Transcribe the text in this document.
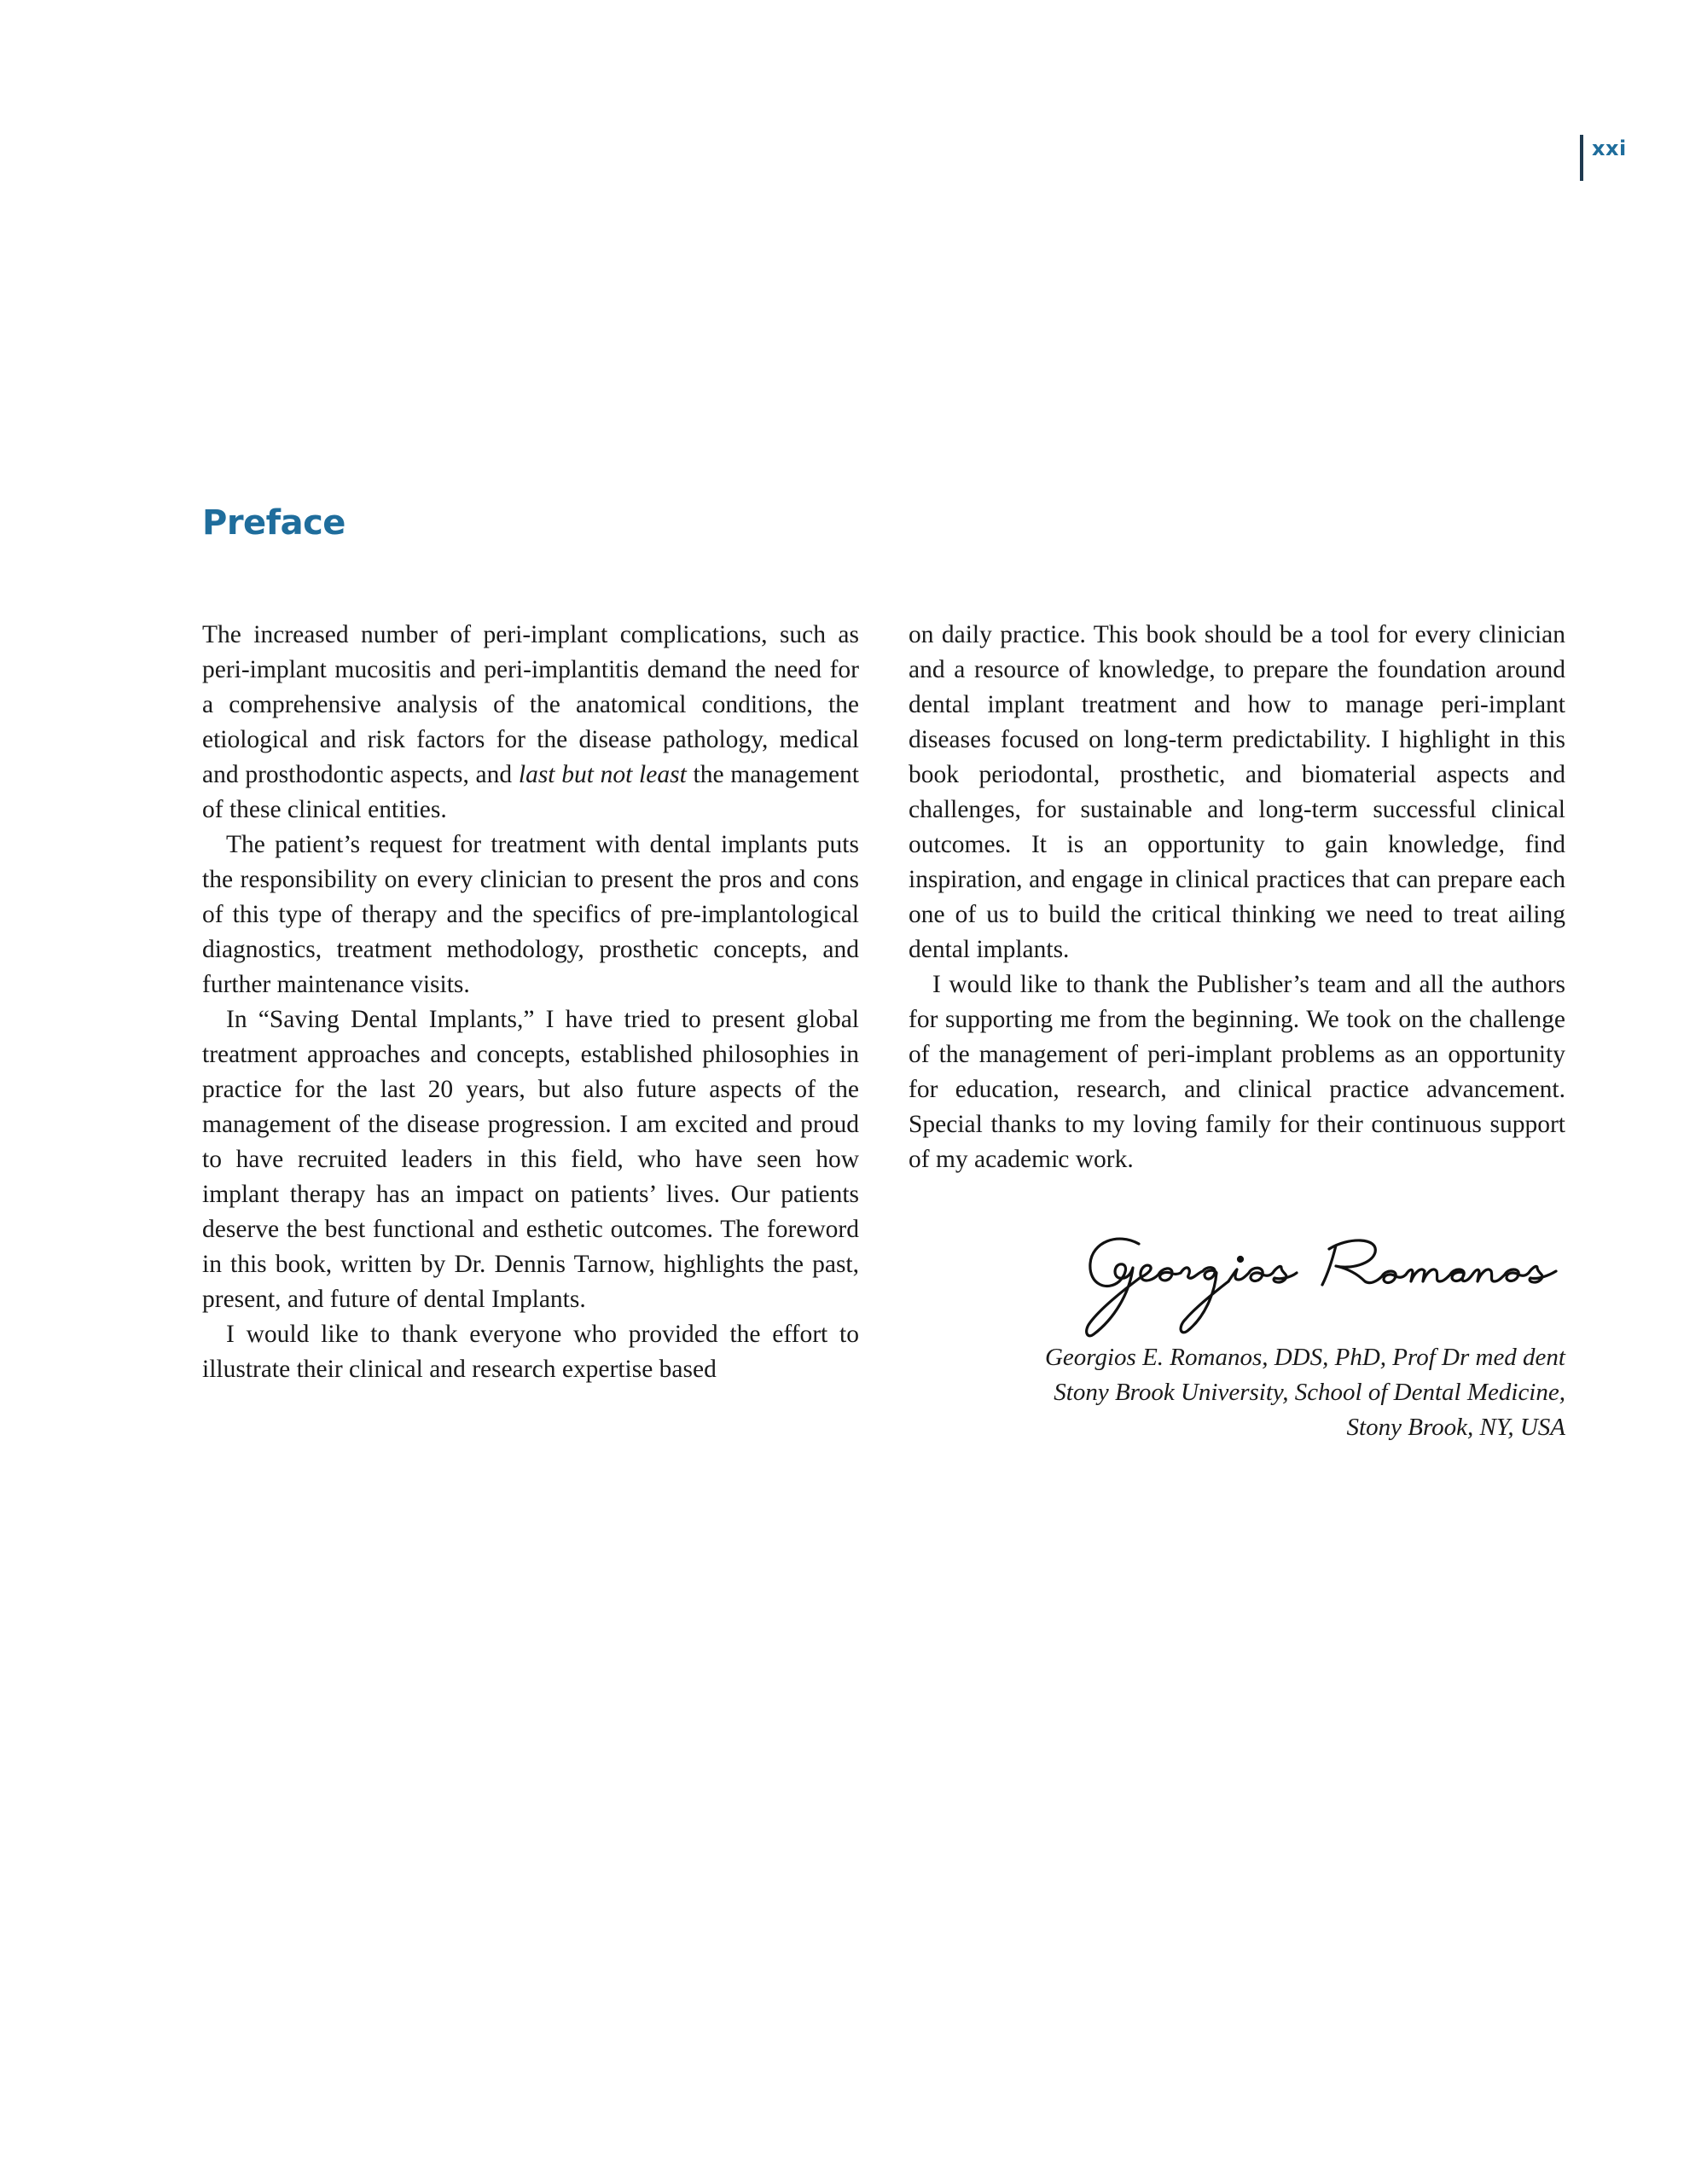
xxi
Preface

The increased number of peri-implant complications, such as peri-implant mucositis and peri-implantitis demand the need for a comprehensive analysis of the anatomical conditions, the etiological and risk factors for the disease pathology, medical and prosthodontic aspects, and last but not least the management of these clinical entities.

The patient’s request for treatment with dental implants puts the responsibility on every clinician to present the pros and cons of this type of therapy and the specifics of pre-implantological diagnostics, treatment methodology, prosthetic concepts, and further maintenance visits.

In “Saving Dental Implants,” I have tried to present global treatment approaches and concepts, established philosophies in practice for the last 20 years, but also future aspects of the management of the disease progression. I am excited and proud to have recruited leaders in this field, who have seen how implant therapy has an impact on patients’ lives. Our patients deserve the best functional and esthetic outcomes. The foreword in this book, written by Dr. Dennis Tarnow, highlights the past, present, and future of dental Implants.

I would like to thank everyone who provided the effort to illustrate their clinical and research expertise based

on daily practice. This book should be a tool for every clinician and a resource of knowledge, to prepare the foundation around dental implant treatment and how to manage peri-implant diseases focused on long-term predictability. I highlight in this book periodontal, prosthetic, and biomaterial aspects and challenges, for sustainable and long-term successful clinical outcomes. It is an opportunity to gain knowledge, find inspiration, and engage in clinical practices that can prepare each one of us to build the critical thinking we need to treat ailing dental implants.

I would like to thank the Publisher’s team and all the authors for supporting me from the beginning. We took on the challenge of the management of peri-implant problems as an opportunity for education, research, and clinical practice advancement. Special thanks to my loving family for their continuous support of my academic work.

Georgios E. Romanos, DDS, PhD, Prof Dr med dent
Stony Brook University, School of Dental Medicine,
Stony Brook, NY, USA
